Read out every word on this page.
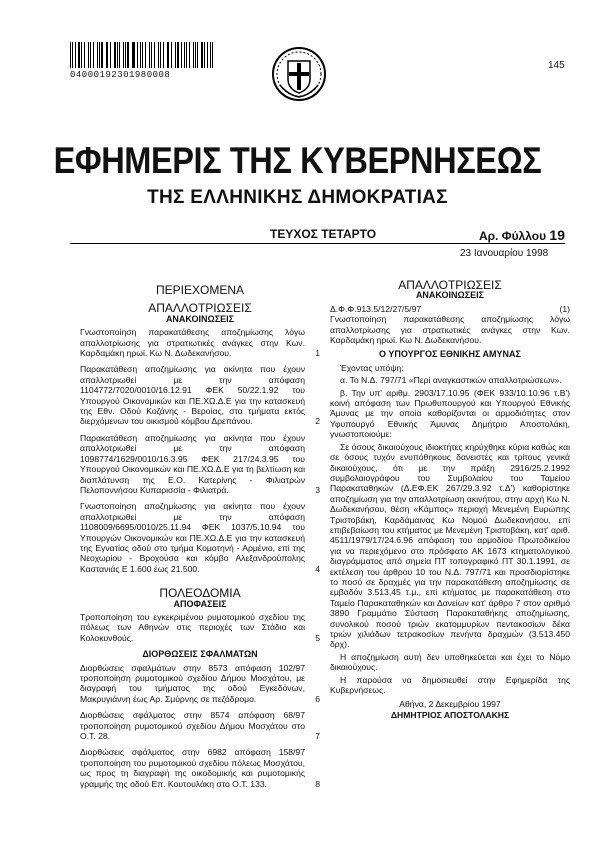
04000192301980008
145
ΕΦΗΜΕΡΙΣ ΤΗΣ ΚΥΒΕΡΝΗΣΕΩΣ
ΤΗΣ ΕΛΛΗΝΙΚΗΣ ΔΗΜΟΚΡΑΤΙΑΣ
ΤΕΥΧΟΣ ΤΕΤΑΡΤΟ	Αρ. Φύλλου 19
23 Ιανουαρίου 1998
ΠΕΡΙΕΧΟΜΕΝΑ
ΑΠΑΛΛΟΤΡΙΩΣΕΙΣ
ΑΝΑΚΟΙΝΩΣΕΙΣ
Γνωστοποίηση παρακατάθεσης αποζημίωσης λόγω απαλλοτρίωσης για στρατιωτικές ανάγκες στην Κων. Καρδαμάκη ηρωϊ. Κω Ν. Δωδεκανήσου.	1
Παρακατάθεση αποζημίωσης για ακίνητα που έχουν απαλλοτριωθεί με την απόφαση 1104772/7020/0010/16.12.91 ΦΕΚ 50/22.1.92 του Υπουργού Οικονομικών και ΠΕ.ΧΩ.Δ.Ε για την κατασκευή της Εθν. Οδού Κοζάνης - Βεροίας, στα τμήματα εκτός διερχόμενων του οικισμού κόμβου Δρεπάνου.	2
Παρακατάθεση αποζημίωσης για ακίνητα που έχουν απαλλοτριωθεί με την απόφαση 1098774/1629/0010/16.3.95 ΦΕΚ 217/24.3.95 του Υπουργού Οικονομικών και ΠΕ.ΧΩ.Δ.Ε για τη βελτίωση και διαπλάτυνση της Ε.Ο. Κατερίνης - Φιλιατρών Πελοποννήσου Κυπαρισσία - Φιλιατρά.	3
Γνωστοποίηση αποζημίωσης για ακίνητα που έχουν απαλλοτριωθεί με την απόφαση 1108009/6695/0010/25.11.94 ΦΕΚ 1037/5.10.94 του Υπουργών Οικονομικών και ΠΕ.ΧΩ.Δ.Ε για την κατασκευή της Εγνατίας οδού στο τμήμα Κομοτηνή - Αρμένιο, επί της Νεοχωρίου - Βροχούσα και κόμβο Αλεξανδρούπολης Καστανιάς Ε 1.600 έως 21.500.	4
ΠΟΛΕΟΔΟΜΙΑ
ΑΠΟΦΑΣΕΙΣ
Τροποποίηση του εγκεκριμένου ρυμοτομικού σχεδίου της πόλεως των Αθηνών στις περιοχές των Στάδιο και Κολοκυνθούς.	5
ΔΙΟΡΘΩΣΕΙΣ ΣΦΑΛΜΑΤΩΝ
Διορθώσεις σφαλμάτων στην 8573 απόφαση 102/97 τροποποίηση ρυμοτομικού σχεδίου Δήμου Μοσχάτου, με διαγραφή του τμήματος της οδού Εγκεδόνων, Μακρυγιάννη έως Αρ. Σμύρνης σε πεζόδρομο.	6
Διορθώσεις σφάλματος στην 8574 απόφαση 68/97 τροποποίηση ρυμοτομικού σχεδίου Δήμου Μοσχάτου στο Ο.Τ. 28.	7
Διορθώσεις σφάλματος στην 6982 απόφαση 158/97 τροποποίηση του ρυμοτομικού σχεδίου πόλεως Μοσχάτου, ως προς τη διαγραφή της οικοδομικής και ρυμοτομικής γραμμής της οδού Επ. Κουτουλάκη στο Ο.Τ. 133.	8
ΑΠΑΛΛΟΤΡΙΩΣΕΙΣ
ΑΝΑΚΟΙΝΩΣΕΙΣ
Δ.Φ.Φ.913.5/12/27/5/97	(1)

Γνωστοποίηση παρακατάθεσης αποζημίωσης λόγω απαλλοτρίωσης για στρατιωτικές ανάγκες στην Κων. Καρδαμάκη ηρωϊ. Κω Ν. Δωδεκανήσου.

Ο ΥΠΟΥΡΓΟΣ ΕΘΝΙΚΗΣ ΑΜΥΝΑΣ

Έχοντας υπόψη:

α. Το Ν.Δ. 797/71 «Περί αναγκαστικών απαλλοτριώσεων».

β. Την υπ' αριθμ. 2903/17.10.95 (ΦΕΚ 933/10.10.96 τ.Β') κοινή απόφαση των Πρωθυπουργού και Υπουργού Εθνικής Άμυνας με την οποία καθορίζονται οι αρμοδιότητες στον Υφυπουργό Εθνικής Άμυνας Δημήτριο Αποστολάκη, γνωστοποιούμε:

Σε όσους δικαιούχους ιδιοκτήτες κηρύχθηκε κύρια καθώς και σε όσους τυχόν ενυπόθηκους δανειστές και τρίτους γενικά δικαιούχους, ότι με την πράξη 2916/25.2.1992 συμβολαιογράφου του Συμβολαίου του Ταμείου Παρακαταθηκών (Δ.ΕΦ.ΕΚ 267/29.3.92 τ.Δ') καθορίστηκε αποζημίωση για την απαλλοτρίωση ακινήτου, στην αρχή Κω Ν. Δωδεκανήσου, θέση «Κάμπος» περιοχή Μενεμένη Ευρώπης Τριστοβάκη, Καρδάμαινας Κω Νομού Δωδεκανήσου, επί επιβεβαίωση του κτήματος με Μενεμένη Τριστοβάκη, κατ' αριθ. 4511/1979/17/24.6.96 απόφαση του αρμοδίου Πρωτοδικείου για να περιεχόμενο στο πρόσφατο ΑΚ 1673 κτηματολογικού διαγράμματος από σημεία ΠΤ τοπογραφικό ΠΤ 30.1.1991, σε εκτέλεση του άρθρου 10 του Ν.Δ. 797/71 και προσδιορίστηκε το ποσό σε δραχμές για την παρακατάθεση αποζημίωσης σε εμβαδόν 3.513,45 τ.μ., επί κτήματος με παρακατάθεση στο Ταμείο Παρακαταθηκών και Δανείων κατ' άρθρο 7 στον αριθμό 3890 Γραμμάτιο Σύσταση Παρακαταθήκης αποζημίωσης, συνολικού ποσού τριών εκατομμυρίων πεντακοσίων δέκα τριών χιλιάδων τετρακοσίων πενήντα δραχμών (3.513.450 δρχ).

Η αποζημίωση αυτή δεν υποθηκεύεται και έχει το Νόμο δικαιούχους.

Η παρούσα να δημοσιευθεί στην Εφημερίδα της Κυβερνήσεως.

Αθήνα, 2 Δεκεμβρίου 1997
ΔΗΜΗΤΡΙΟΣ ΑΠΟΣΤΟΛΑΚΗΣ
